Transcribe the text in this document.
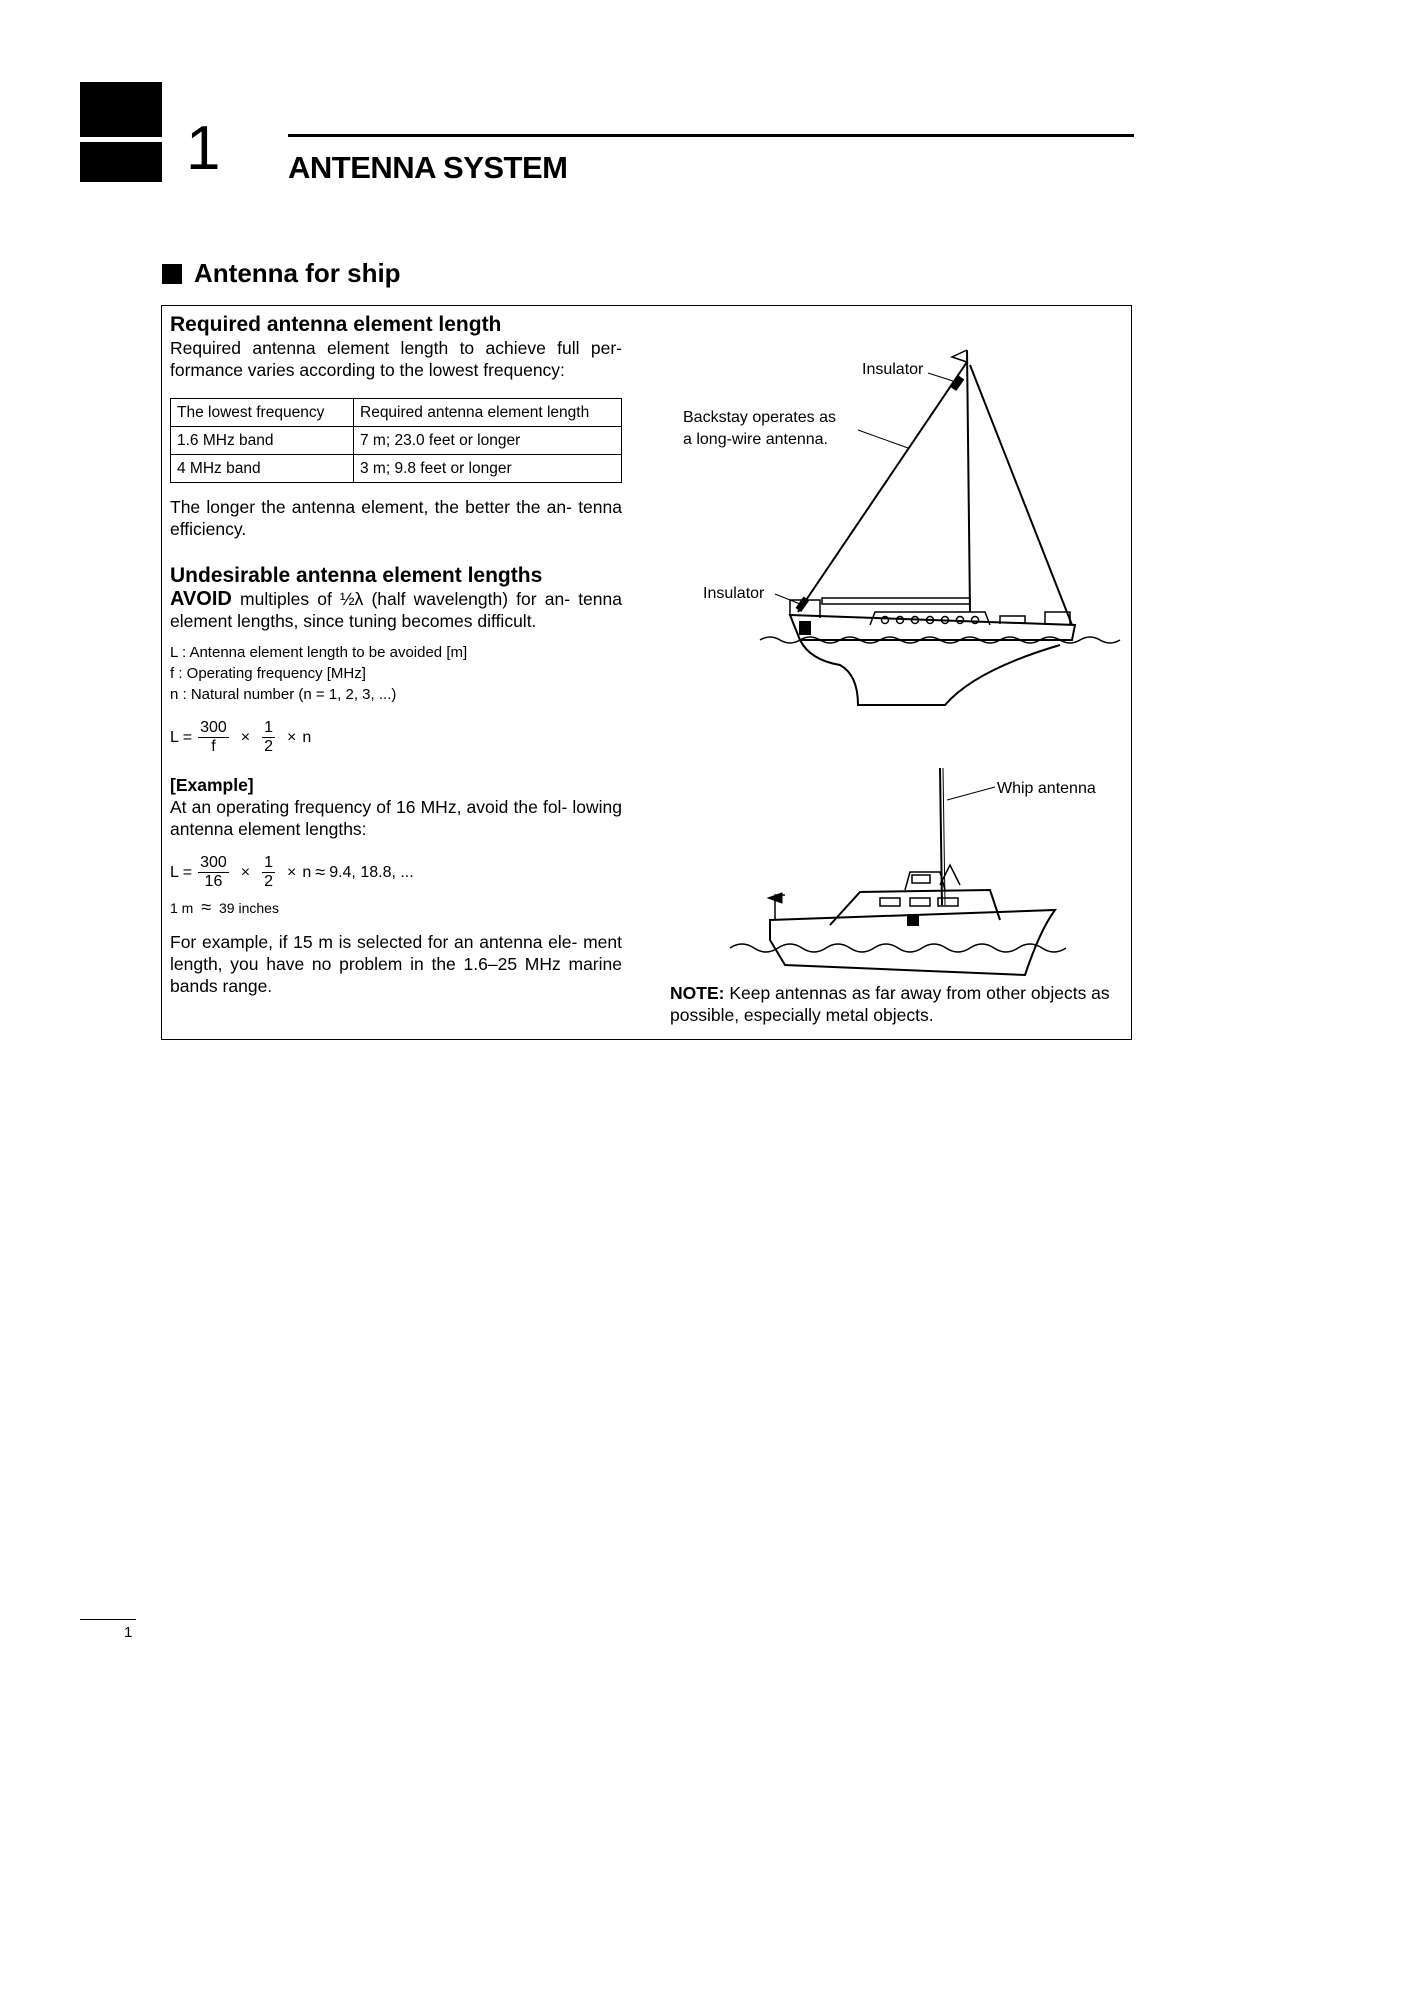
1 ANTENNA SYSTEM
Antenna for ship
Required antenna element length

Required antenna element length to achieve full per- formance varies according to the lowest frequency:

The lowest frequency	Required antenna element length
1.6 MHz band	7 m; 23.0 feet or longer
4 MHz band	3 m; 9.8 feet or longer

The longer the antenna element, the better the an- tenna efficiency.

Undesirable antenna element lengths

AVOID multiples of ½λ (half wavelength) for an- tenna element lengths, since tuning becomes difficult.

L : Antenna element length to be avoided [m]

f : Operating frequency [MHz]

n : Natural number (n = 1, 2, 3, ...)

$L = \frac{300}{f} \times \frac{1}{2} \times n$
[Example]

At an operating frequency of 16 MHz, avoid the fol- lowing antenna element lengths:

$L = \frac{300}{16} \times \frac{1}{2} \times n \approx 9.4$, 18.8, ...
1 m ≈ 39 inches

For example, if 15 m is selected for an antenna ele- ment length, you have no problem in the 1.6–25 MHz marine bands range.

Insulator
Backstay operates as
a long-wire antenna.
Insulator
Whip antenna
NOTE: Keep antennas as far away from other objects as possible, especially metal objects.
1
